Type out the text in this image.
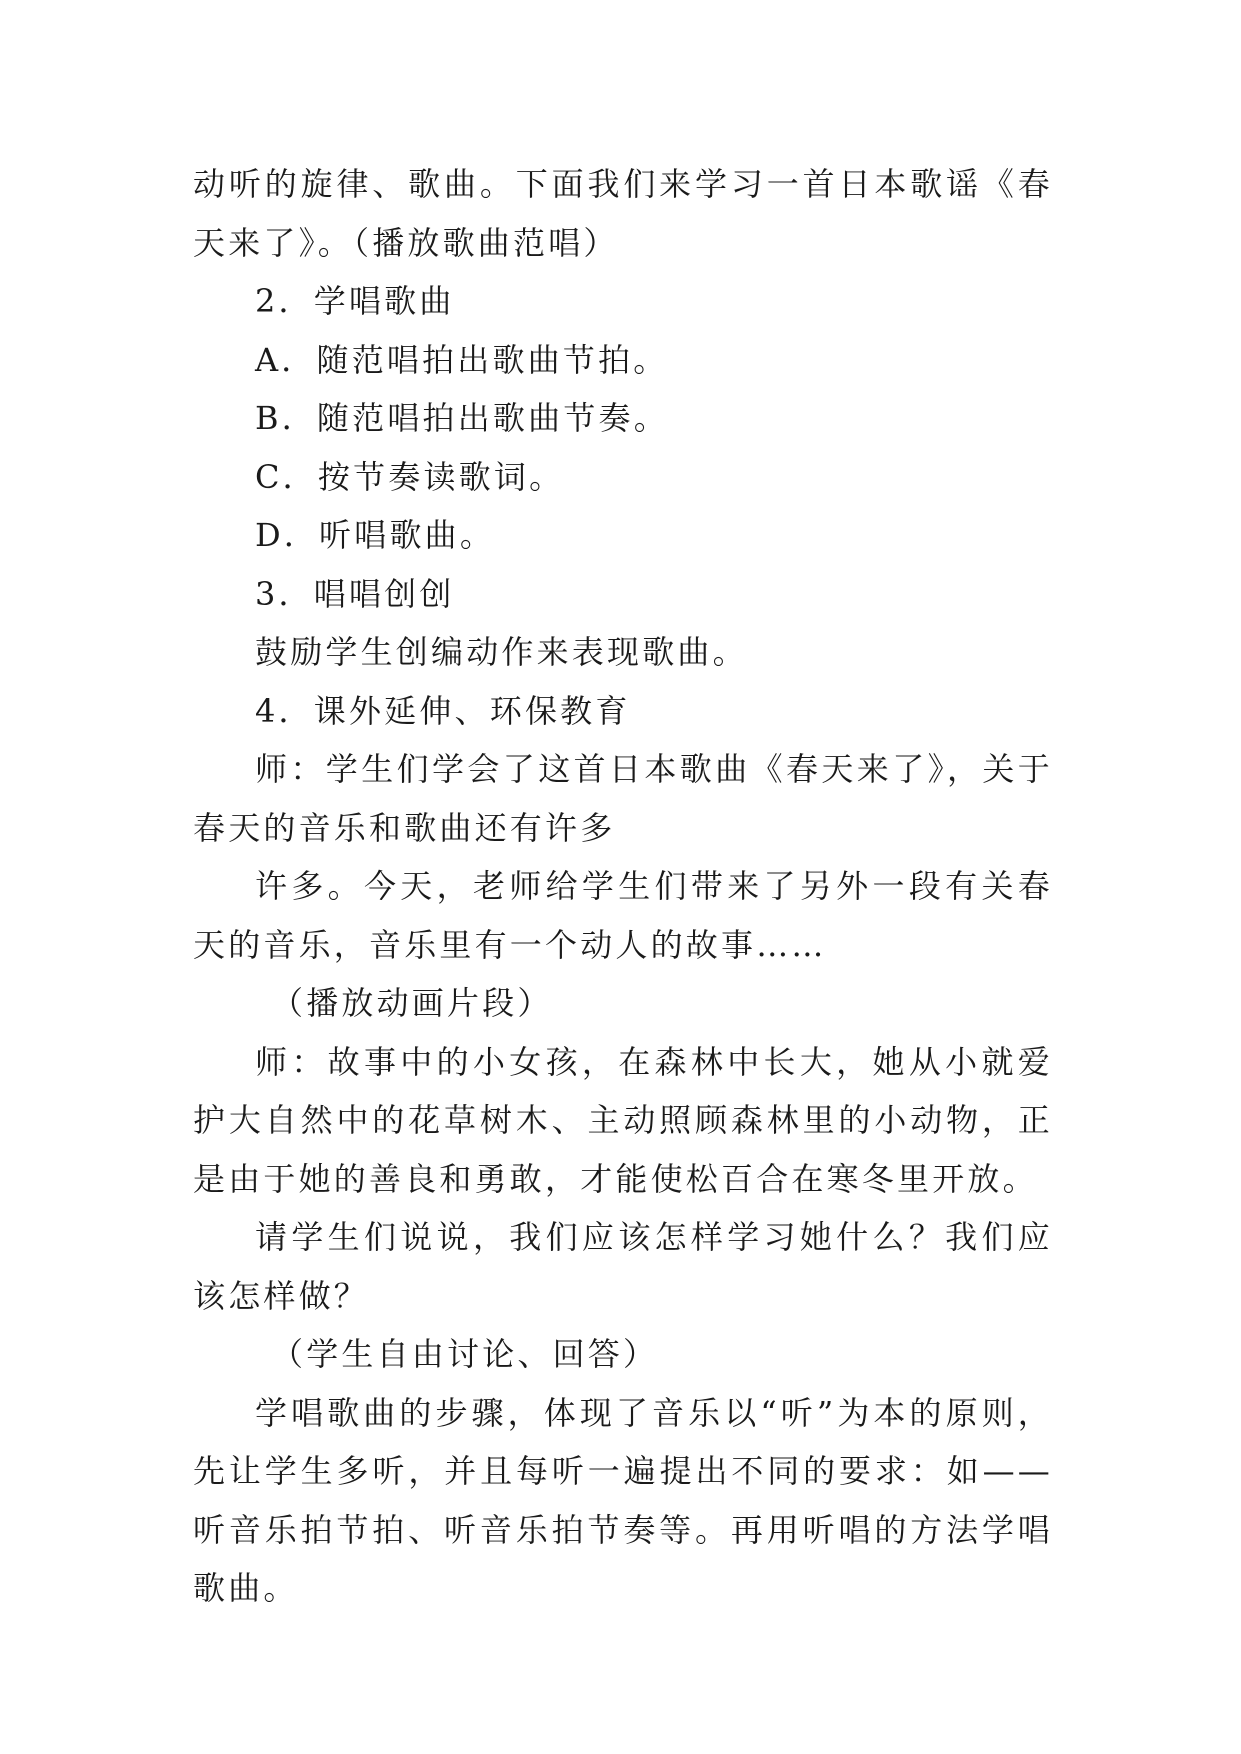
动听的旋律、歌曲。下面我们来学习一首日本歌谣《春天来了》。（播放歌曲范唱）

2．学唱歌曲

A．随范唱拍出歌曲节拍。

B．随范唱拍出歌曲节奏。

C．按节奏读歌词。

D．听唱歌曲。

3．唱唱创创

鼓励学生创编动作来表现歌曲。

4．课外延伸、环保教育

师：学生们学会了这首日本歌曲《春天来了》，关于春天的音乐和歌曲还有许多

许多。今天，老师给学生们带来了另外一段有关春天的音乐，音乐里有一个动人的故事……

（播放动画片段）

师：故事中的小女孩，在森林中长大，她从小就爱护大自然中的花草树木、主动照顾森林里的小动物，正是由于她的善良和勇敢，才能使松百合在寒冬里开放。

请学生们说说，我们应该怎样学习她什么？我们应该怎样做？

（学生自由讨论、回答）

学唱歌曲的步骤，体现了音乐以“听”为本的原则，先让学生多听，并且每听一遍提出不同的要求：如——听音乐拍节拍、听音乐拍节奏等。再用听唱的方法学唱歌曲。
